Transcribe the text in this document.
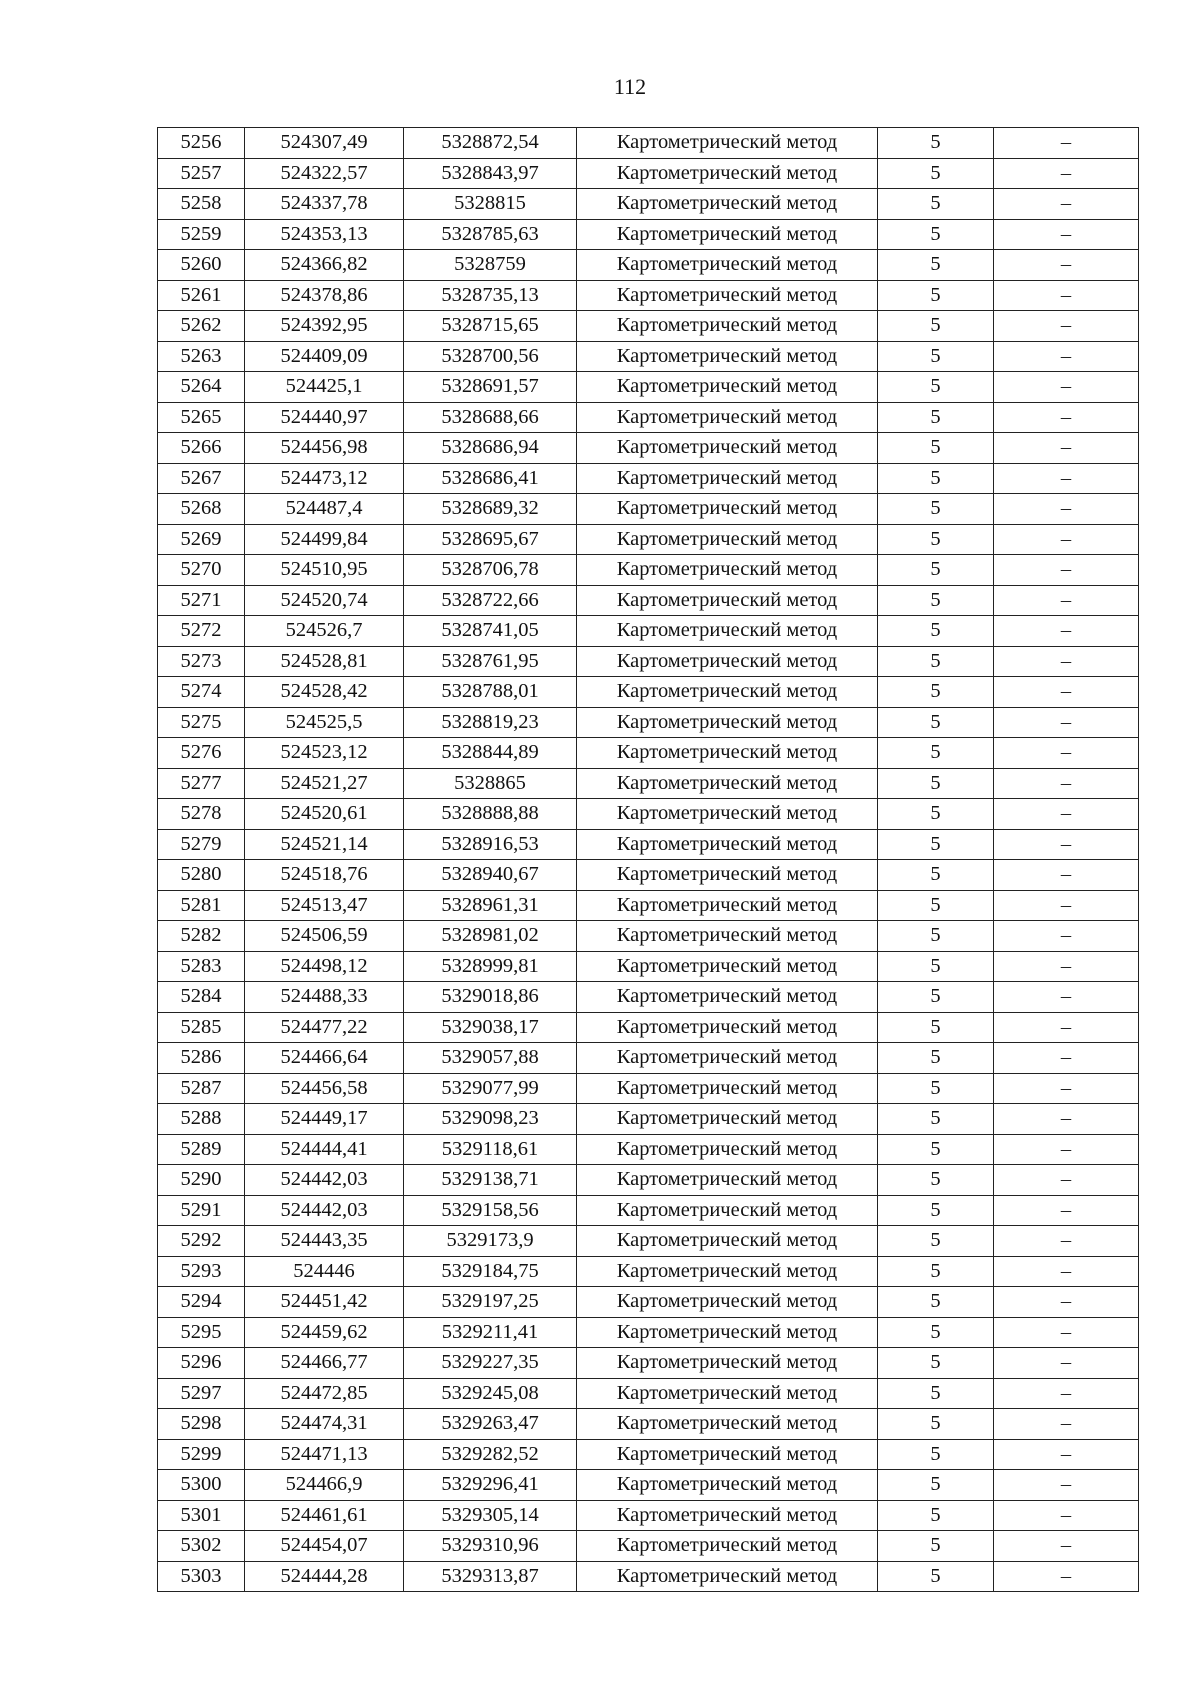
112
5256	524307,49	5328872,54	Картометрический метод	5	–
5257	524322,57	5328843,97	Картометрический метод	5	–
5258	524337,78	5328815	Картометрический метод	5	–
5259	524353,13	5328785,63	Картометрический метод	5	–
5260	524366,82	5328759	Картометрический метод	5	–
5261	524378,86	5328735,13	Картометрический метод	5	–
5262	524392,95	5328715,65	Картометрический метод	5	–
5263	524409,09	5328700,56	Картометрический метод	5	–
5264	524425,1	5328691,57	Картометрический метод	5	–
5265	524440,97	5328688,66	Картометрический метод	5	–
5266	524456,98	5328686,94	Картометрический метод	5	–
5267	524473,12	5328686,41	Картометрический метод	5	–
5268	524487,4	5328689,32	Картометрический метод	5	–
5269	524499,84	5328695,67	Картометрический метод	5	–
5270	524510,95	5328706,78	Картометрический метод	5	–
5271	524520,74	5328722,66	Картометрический метод	5	–
5272	524526,7	5328741,05	Картометрический метод	5	–
5273	524528,81	5328761,95	Картометрический метод	5	–
5274	524528,42	5328788,01	Картометрический метод	5	–
5275	524525,5	5328819,23	Картометрический метод	5	–
5276	524523,12	5328844,89	Картометрический метод	5	–
5277	524521,27	5328865	Картометрический метод	5	–
5278	524520,61	5328888,88	Картометрический метод	5	–
5279	524521,14	5328916,53	Картометрический метод	5	–
5280	524518,76	5328940,67	Картометрический метод	5	–
5281	524513,47	5328961,31	Картометрический метод	5	–
5282	524506,59	5328981,02	Картометрический метод	5	–
5283	524498,12	5328999,81	Картометрический метод	5	–
5284	524488,33	5329018,86	Картометрический метод	5	–
5285	524477,22	5329038,17	Картометрический метод	5	–
5286	524466,64	5329057,88	Картометрический метод	5	–
5287	524456,58	5329077,99	Картометрический метод	5	–
5288	524449,17	5329098,23	Картометрический метод	5	–
5289	524444,41	5329118,61	Картометрический метод	5	–
5290	524442,03	5329138,71	Картометрический метод	5	–
5291	524442,03	5329158,56	Картометрический метод	5	–
5292	524443,35	5329173,9	Картометрический метод	5	–
5293	524446	5329184,75	Картометрический метод	5	–
5294	524451,42	5329197,25	Картометрический метод	5	–
5295	524459,62	5329211,41	Картометрический метод	5	–
5296	524466,77	5329227,35	Картометрический метод	5	–
5297	524472,85	5329245,08	Картометрический метод	5	–
5298	524474,31	5329263,47	Картометрический метод	5	–
5299	524471,13	5329282,52	Картометрический метод	5	–
5300	524466,9	5329296,41	Картометрический метод	5	–
5301	524461,61	5329305,14	Картометрический метод	5	–
5302	524454,07	5329310,96	Картометрический метод	5	–
5303	524444,28	5329313,87	Картометрический метод	5	–
